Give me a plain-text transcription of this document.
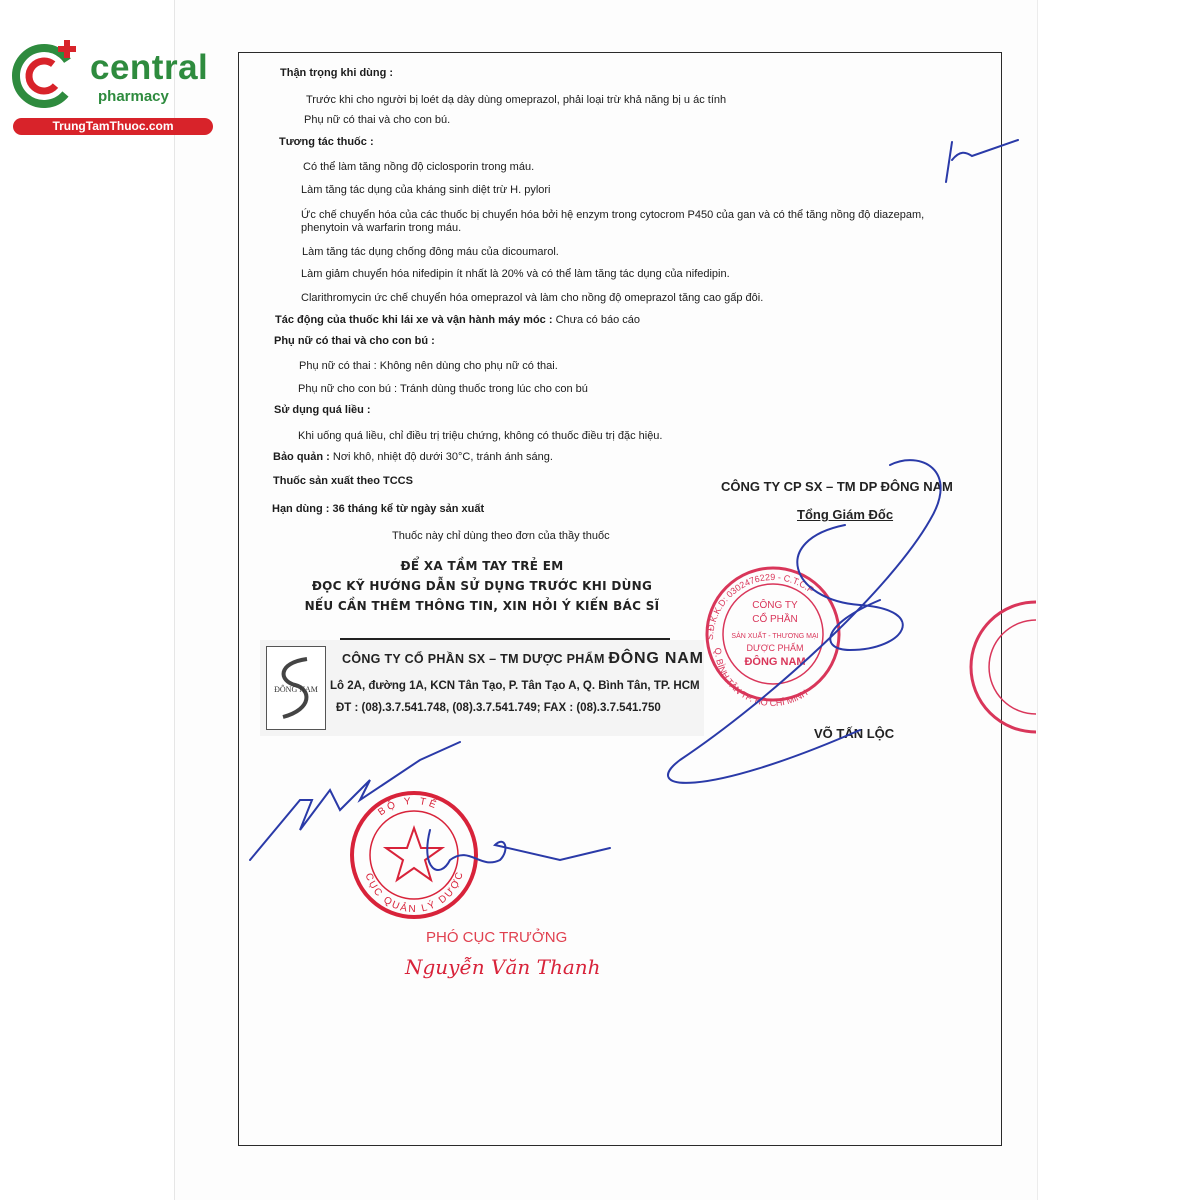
central
pharmacy
TrungTamThuoc.com
Thận trọng khi dùng :
Trước khi cho người bị loét dạ dày dùng omeprazol, phải loại trừ khả năng bị u ác tính
Phụ nữ có thai và cho con bú.
Tương tác thuốc :
Có thể làm tăng nồng độ ciclosporin trong máu.
Làm tăng tác dụng của kháng sinh diệt trừ H. pylori
Ức chế chuyển hóa của các thuốc bị chuyển hóa bởi hệ enzym trong cytocrom P450 của gan và có thể tăng nồng độ diazepam,
phenytoin và warfarin trong máu.
Làm tăng tác dụng chống đông máu của dicoumarol.
Làm giảm chuyển hóa nifedipin ít nhất là 20% và có thể làm tăng tác dụng của nifedipin.
Clarithromycin ức chế chuyển hóa omeprazol và làm cho nồng độ omeprazol tăng cao gấp đôi.
Tác động của thuốc khi lái xe và vận hành máy móc : Chưa có báo cáo
Phụ nữ có thai và cho con bú :
Phụ nữ có thai : Không nên dùng cho phụ nữ có thai.
Phụ nữ cho con bú : Tránh dùng thuốc trong lúc cho con bú
Sử dụng quá liều :
Khi uống quá liều, chỉ điều trị triệu chứng, không có thuốc điều trị đặc hiệu.
Bảo quản : Nơi khô, nhiệt độ dưới 30°C, tránh ánh sáng.
Thuốc sản xuất theo TCCS
Hạn dùng : 36 tháng kể từ ngày sản xuất
Thuốc này chỉ dùng theo đơn của thầy thuốc
ĐỂ XA TẦM TAY TRẺ EM
ĐỌC KỸ HƯỚNG DẪN SỬ DỤNG TRƯỚC KHI DÙNG
NẾU CẦN THÊM THÔNG TIN, XIN HỎI Ý KIẾN BÁC SĨ
ĐÔNG NAM
CÔNG TY CỔ PHẦN SX – TM DƯỢC PHẨM ĐÔNG NAM
Lô 2A, đường 1A, KCN Tân Tạo, P. Tân Tạo A, Q. Bình Tân, TP. HCM
ĐT : (08).3.7.541.748, (08).3.7.541.749; FAX : (08).3.7.541.750
CÔNG TY CP SX – TM DP ĐÔNG NAM
Tổng Giám Đốc
VÕ TẤN LỘC
S.Đ.K.K.D: 0302476229 - C.T.C.P
Q. BÌNH TÂN TP. HỒ CHÍ MINH
CÔNG TY
CỔ PHẦN
SẢN XUẤT - THƯƠNG MẠI
DƯỢC PHẨM
ĐÔNG NAM
BỘ Y TẾ
CỤC QUẢN LÝ DƯỢC
PHÓ CỤC TRƯỞNG
Nguyễn Văn Thanh
